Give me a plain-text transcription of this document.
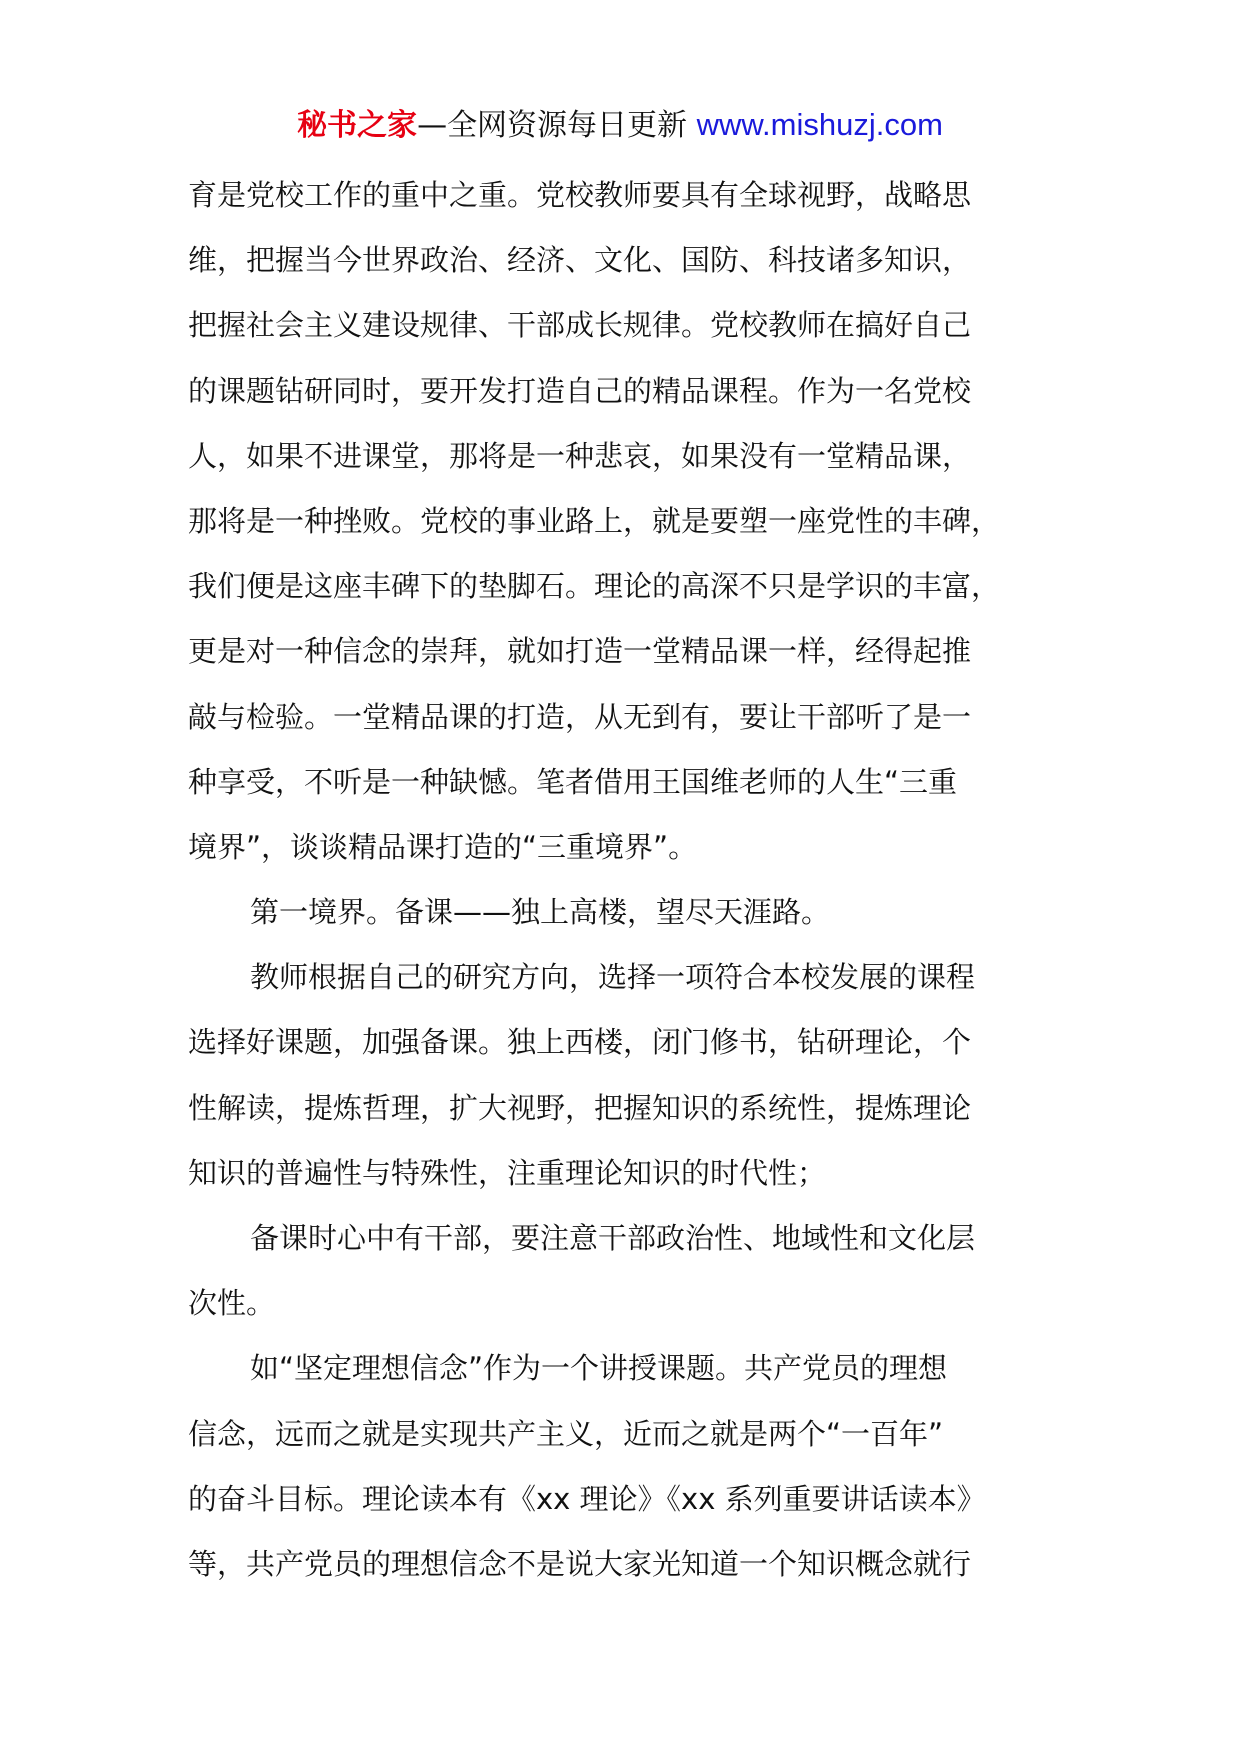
秘书之家—全网资源每日更新 www.mishuzj.com
育是党校工作的重中之重。党校教师要具有全球视野，战略思
维，把握当今世界政治、经济、文化、国防、科技诸多知识，
把握社会主义建设规律、干部成长规律。党校教师在搞好自己
的课题钻研同时，要开发打造自己的精品课程。作为一名党校
人，如果不进课堂，那将是一种悲哀，如果没有一堂精品课，
那将是一种挫败。党校的事业路上，就是要塑一座党性的丰碑，
我们便是这座丰碑下的垫脚石。理论的高深不只是学识的丰富，
更是对一种信念的崇拜，就如打造一堂精品课一样，经得起推
敲与检验。一堂精品课的打造，从无到有，要让干部听了是一
种享受，不听是一种缺憾。笔者借用王国维老师的人生“三重
境界”，谈谈精品课打造的“三重境界”。
第一境界。备课——独上高楼，望尽天涯路。
教师根据自己的研究方向，选择一项符合本校发展的课程
选择好课题，加强备课。独上西楼，闭门修书，钻研理论，个
性解读，提炼哲理，扩大视野，把握知识的系统性，提炼理论
知识的普遍性与特殊性，注重理论知识的时代性；
备课时心中有干部，要注意干部政治性、地域性和文化层
次性。
如“坚定理想信念”作为一个讲授课题。共产党员的理想
信念，远而之就是实现共产主义，近而之就是两个“一百年”
的奋斗目标。理论读本有《xx 理论》《xx 系列重要讲话读本》
等，共产党员的理想信念不是说大家光知道一个知识概念就行
